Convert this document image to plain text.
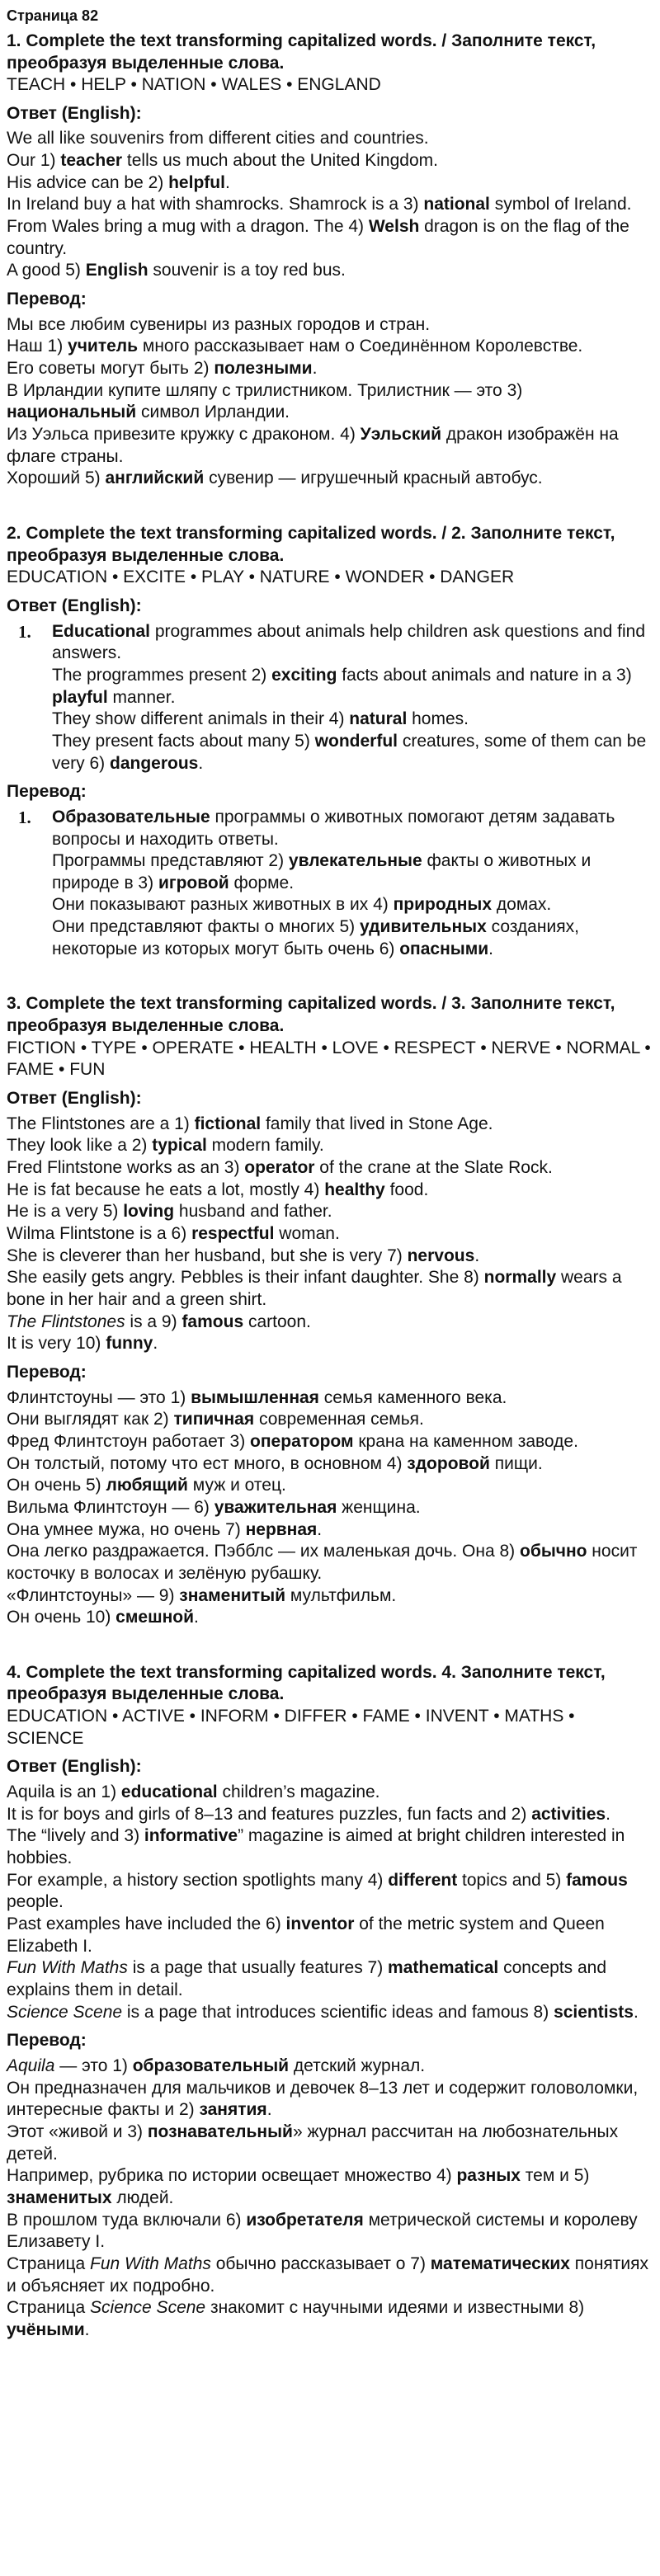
Страница 82
1. Complete the text transforming capitalized words. / Заполните текст, преобразуя выделенные слова.
TEACH • HELP • NATION • WALES • ENGLAND
Ответ (English):
We all like souvenirs from different cities and countries.
Our 1) teacher tells us much about the United Kingdom.
His advice can be 2) helpful.
In Ireland buy a hat with shamrocks. Shamrock is a 3) national symbol of Ireland.
From Wales bring a mug with a dragon. The 4) Welsh dragon is on the flag of the country.
A good 5) English souvenir is a toy red bus.
Перевод:
Мы все любим сувениры из разных городов и стран.
Наш 1) учитель много рассказывает нам о Соединённом Королевстве.
Его советы могут быть 2) полезными.
В Ирландии купите шляпу с трилистником. Трилистник — это 3) национальный символ Ирландии.
Из Уэльса привезите кружку с драконом. 4) Уэльский дракон изображён на флаге страны.
Хороший 5) английский сувенир — игрушечный красный автобус.
2. Complete the text transforming capitalized words. / 2. Заполните текст, преобразуя выделенные слова.
EDUCATION • EXCITE • PLAY • NATURE • WONDER • DANGER
Ответ (English):
1. Educational programmes about animals help children ask questions and find answers.
The programmes present 2) exciting facts about animals and nature in a 3) playful manner.
They show different animals in their 4) natural homes.
They present facts about many 5) wonderful creatures, some of them can be very 6) dangerous.
Перевод:
1. Образовательные программы о животных помогают детям задавать вопросы и находить ответы.
Программы представляют 2) увлекательные факты о животных и природе в 3) игровой форме.
Они показывают разных животных в их 4) природных домах.
Они представляют факты о многих 5) удивительных созданиях, некоторые из которых могут быть очень 6) опасными.
3. Complete the text transforming capitalized words. / 3. Заполните текст, преобразуя выделенные слова.
FICTION • TYPE • OPERATE • HEALTH • LOVE • RESPECT • NERVE • NORMAL • FAME • FUN
Ответ (English):
The Flintstones are a 1) fictional family that lived in Stone Age.
They look like a 2) typical modern family.
Fred Flintstone works as an 3) operator of the crane at the Slate Rock.
He is fat because he eats a lot, mostly 4) healthy food.
He is a very 5) loving husband and father.
Wilma Flintstone is a 6) respectful woman.
She is cleverer than her husband, but she is very 7) nervous.
She easily gets angry. Pebbles is their infant daughter. She 8) normally wears a bone in her hair and a green shirt.
The Flintstones is a 9) famous cartoon.
It is very 10) funny.
Перевод:
Флинтстоуны — это 1) вымышленная семья каменного века.
Они выглядят как 2) типичная современная семья.
Фред Флинтстоун работает 3) оператором крана на каменном заводе.
Он толстый, потому что ест много, в основном 4) здоровой пищи.
Он очень 5) любящий муж и отец.
Вильма Флинтстоун — 6) уважительная женщина.
Она умнее мужа, но очень 7) нервная.
Она легко раздражается. Пэбблс — их маленькая дочь. Она 8) обычно носит косточку в волосах и зелёную рубашку.
«Флинтстоуны» — 9) знаменитый мультфильм.
Он очень 10) смешной.
4. Complete the text transforming capitalized words. 4. Заполните текст, преобразуя выделенные слова.
EDUCATION • ACTIVE • INFORM • DIFFER • FAME • INVENT • MATHS • SCIENCE
Ответ (English):
Aquila is an 1) educational children’s magazine.
It is for boys and girls of 8–13 and features puzzles, fun facts and 2) activities.
The “lively and 3) informative” magazine is aimed at bright children interested in hobbies.
For example, a history section spotlights many 4) different topics and 5) famous people.
Past examples have included the 6) inventor of the metric system and Queen Elizabeth I.
Fun With Maths is a page that usually features 7) mathematical concepts and explains them in detail.
Science Scene is a page that introduces scientific ideas and famous 8) scientists.
Перевод:
Aquila — это 1) образовательный детский журнал.
Он предназначен для мальчиков и девочек 8–13 лет и содержит головоломки, интересные факты и 2) занятия.
Этот «живой и 3) познавательный» журнал рассчитан на любознательных детей.
Например, рубрика по истории освещает множество 4) разных тем и 5) знаменитых людей.
В прошлом туда включали 6) изобретателя метрической системы и королеву Елизавету I.
Страница Fun With Maths обычно рассказывает о 7) математических понятиях и объясняет их подробно.
Страница Science Scene знакомит с научными идеями и известными 8) учёными.
